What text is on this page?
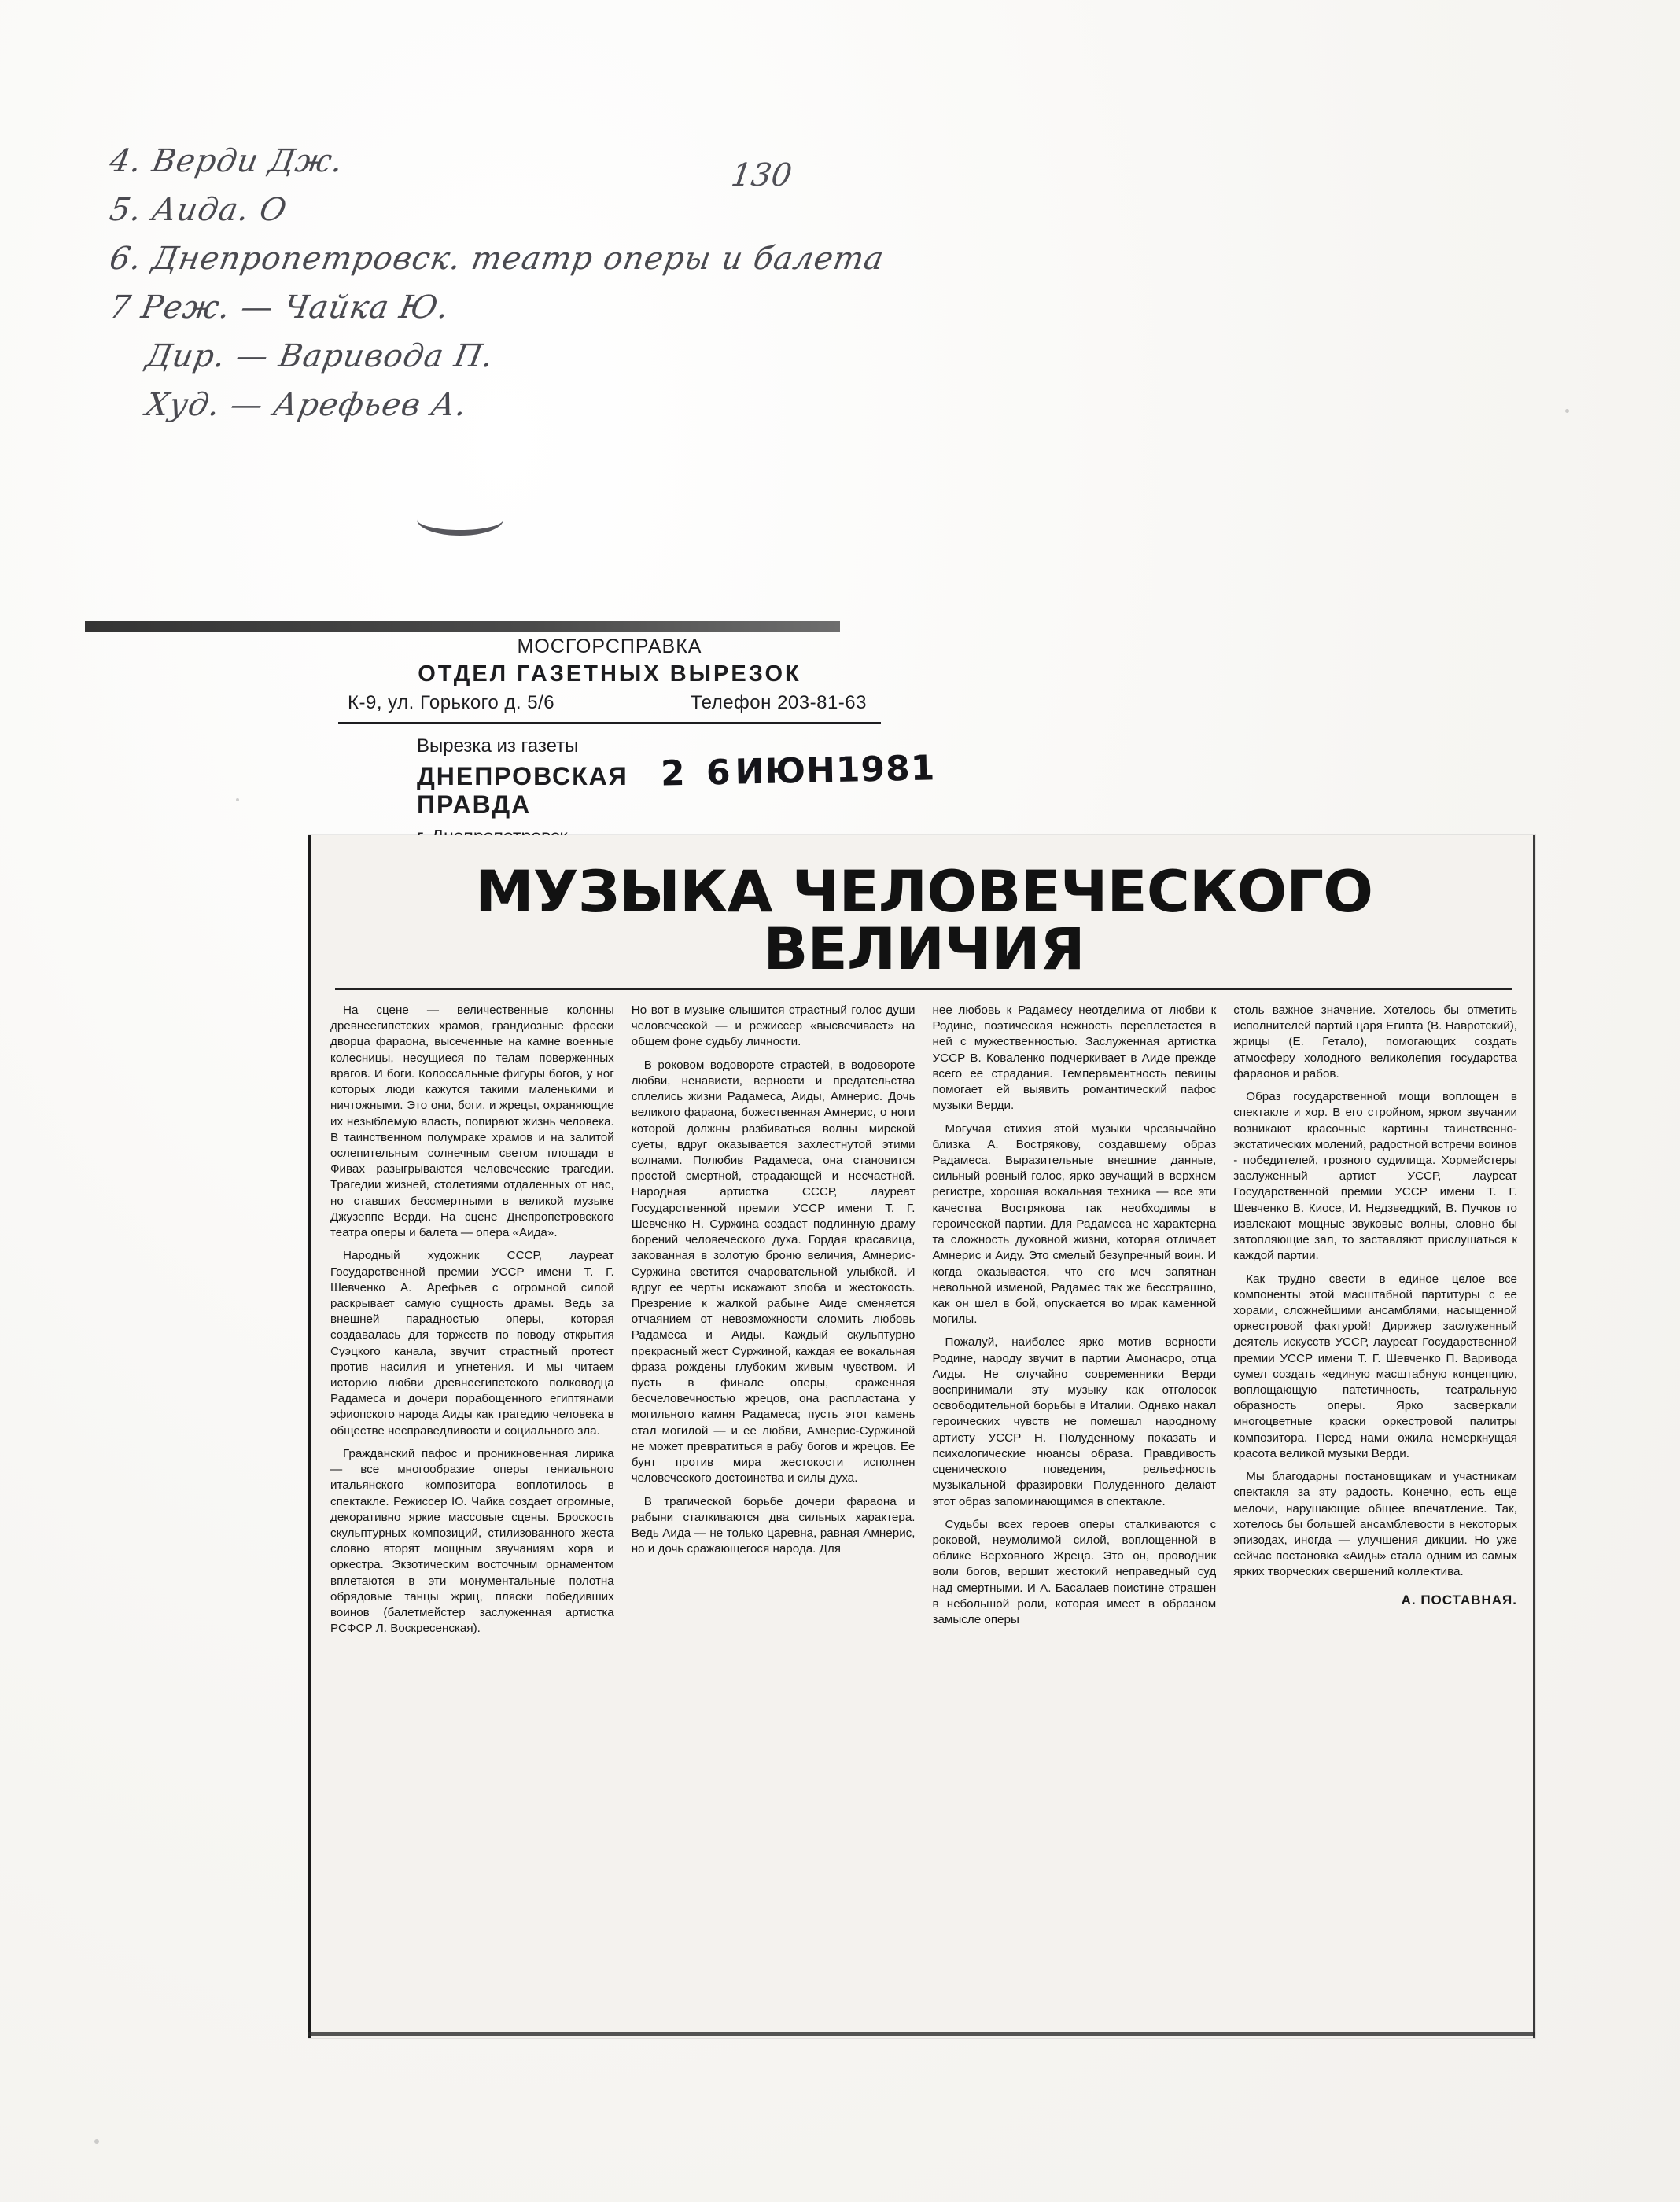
4. Верди Дж.
5. Аида. О
6. Днепропетровск. театр оперы и балета
7 Реж. — Чайка Ю.
Дир. — Варивода П.
Худ. — Арефьев А.
130
МОСГОРСПРАВКА
ОТДЕЛ ГАЗЕТНЫХ ВЫРЕЗОК
К-9, ул. Горького д. 5/6	Телефон 203-81-63
Вырезка из газеты
ДНЕПРОВСКАЯ
ПРАВДА
2 6ИЮН1981
МУЗЫКА ЧЕЛОВЕЧЕСКОГО ВЕЛИЧИЯ

На сцене — величественные колонны древнеегипетских храмов, грандиозные фрески дворца фараона, высеченные на камне военные колесницы, несущиеся по телам поверженных врагов. И боги. Колоссальные фигуры богов, у ног которых люди кажутся такими маленькими и ничтожными. Это они, боги, и жрецы, охраняющие их незыблемую власть, попирают жизнь человека. В таинственном полумраке храмов и на залитой ослепительным солнечным светом площади в Фивах разыгрываются человеческие трагедии. Трагедии жизней, столетиями отдаленных от нас, но ставших бессмертными в великой музыке Джузеппе Верди. На сцене Днепропетровского театра оперы и балета — опера «Аида».

Народный художник СССР, лауреат Государственной премии УССР имени Т. Г. Шевченко А. Арефьев с огромной силой раскрывает самую сущность драмы. Ведь за внешней парадностью оперы, которая создавалась для торжеств по поводу открытия Суэцкого канала, звучит страстный протест против насилия и угнетения. И мы читаем историю любви древнеегипетского полководца Радамеса и дочери порабощенного египтянами эфиопского народа Аиды как трагедию человека в обществе несправедливости и социального зла.

Гражданский пафос и проникновенная лирика — все многообразие оперы гениального итальянского композитора воплотилось в спектакле. Режиссер Ю. Чайка создает огромные, декоративно яркие массовые сцены. Броскость скульптурных композиций, стилизованного жеста словно вторят мощным звучаниям хора и оркестра. Экзотическим восточным орнаментом вплетаются в эти монументальные полотна обрядовые танцы жриц, пляски победивших воинов (балетмейстер заслуженная артистка РСФСР Л. Воскресенская).

Но вот в музыке слышится страстный голос души человеческой — и режиссер «высвечивает» на общем фоне судьбу личности.

В роковом водовороте страстей, в водовороте любви, ненависти, верности и предательства сплелись жизни Радамеса, Аиды, Амнерис. Дочь великого фараона, божественная Амнерис, о ноги которой должны разбиваться волны мирской суеты, вдруг оказывается захлестнутой этими волнами. Полюбив Радамеса, она становится простой смертной, страдающей и несчастной. Народная артистка СССР, лауреат Государственной премии УССР имени Т. Г. Шевченко Н. Суржина создает подлинную драму борений человеческого духа. Гордая красавица, закованная в золотую броню величия, Амнерис-Суржина светится очаровательной улыбкой. И вдруг ее черты искажают злоба и жестокость. Презрение к жалкой рабыне Аиде сменяется отчаянием от невозможности сломить любовь Радамеса и Аиды. Каждый скульптурно прекрасный жест Суржиной, каждая ее вокальная фраза рождены глубоким живым чувством. И пусть в финале оперы, сраженная бесчеловечностью жрецов, она распластана у могильного камня Радамеса; пусть этот камень стал могилой — и ее любви, Амнерис-Суржиной не может превратиться в рабу богов и жрецов. Ее бунт против мира жестокости исполнен человеческого достоинства и силы духа.

В трагической борьбе дочери фараона и рабыни сталкиваются два сильных характера. Ведь Аида — не только царевна, равная Амнерис, но и дочь сражающегося народа. Для

нее любовь к Радамесу неотделима от любви к Родине, поэтическая нежность переплетается в ней с мужественностью. Заслуженная артистка УССР В. Коваленко подчеркивает в Аиде прежде всего ее страдания. Темпераментность певицы помогает ей выявить романтический пафос музыки Верди.

Могучая стихия этой музыки чрезвычайно близка А. Вострякову, создавшему образ Радамеса. Выразительные внешние данные, сильный ровный голос, ярко звучащий в верхнем регистре, хорошая вокальная техника — все эти качества Вострякова так необходимы в героической партии. Для Радамеса не характерна та сложность духовной жизни, которая отличает Амнерис и Аиду. Это смелый безупречный воин. И когда оказывается, что его меч запятнан невольной изменой, Радамес так же бесстрашно, как он шел в бой, опускается во мрак каменной могилы.

Пожалуй, наиболее ярко мотив верности Родине, народу звучит в партии Амонасро, отца Аиды. Не случайно современники Верди воспринимали эту музыку как отголосок освободительной борьбы в Италии. Однако накал героических чувств не помешал народному артисту УССР Н. Полуденному показать и психологические нюансы образа. Правдивость сценического поведения, рельефность музыкальной фразировки Полуденного делают этот образ запоминающимся в спектакле.

Судьбы всех героев оперы сталкиваются с роковой, неумолимой силой, воплощенной в облике Верховного Жреца. Это он, проводник воли богов, вершит жестокий неправедный суд над смертными. И А. Басалаев поистине страшен в небольшой роли, которая имеет в образном замысле оперы

столь важное значение. Хотелось бы отметить исполнителей партий царя Египта (В. Навротский), жрицы (Е. Гетало), помогающих создать атмосферу холодного великолепия государства фараонов и рабов.

Образ государственной мощи воплощен в спектакле и хор. В его стройном, ярком звучании возникают красочные картины таинственно-экстатических молений, радостной встречи воинов - победителей, грозного судилища. Хормейстеры заслуженный артист УССР, лауреат Государственной премии УССР имени Т. Г. Шевченко В. Киосе, И. Недзведцкий, В. Пучков то извлекают мощные звуковые волны, словно бы затопляющие зал, то заставляют прислушаться к каждой партии.

Как трудно свести в единое целое все компоненты этой масштабной партитуры с ее хорами, сложнейшими ансамблями, насыщенной оркестровой фактурой! Дирижер заслуженный деятель искусств УССР, лауреат Государственной премии УССР имени Т. Г. Шевченко П. Варивода сумел создать «единую масштабную концепцию, воплощающую патетичность, театральную образность оперы. Ярко засверкали многоцветные краски оркестровой палитры композитора. Перед нами ожила немеркнущая красота великой музыки Верди.

Мы благодарны постановщикам и участникам спектакля за эту радость. Конечно, есть еще мелочи, нарушающие общее впечатление. Так, хотелось бы большей ансамблевости в некоторых эпизодах, иногда — улучшения дикции. Но уже сейчас постановка «Аиды» стала одним из самых ярких творческих свершений коллектива.

А. ПОСТАВНАЯ.
